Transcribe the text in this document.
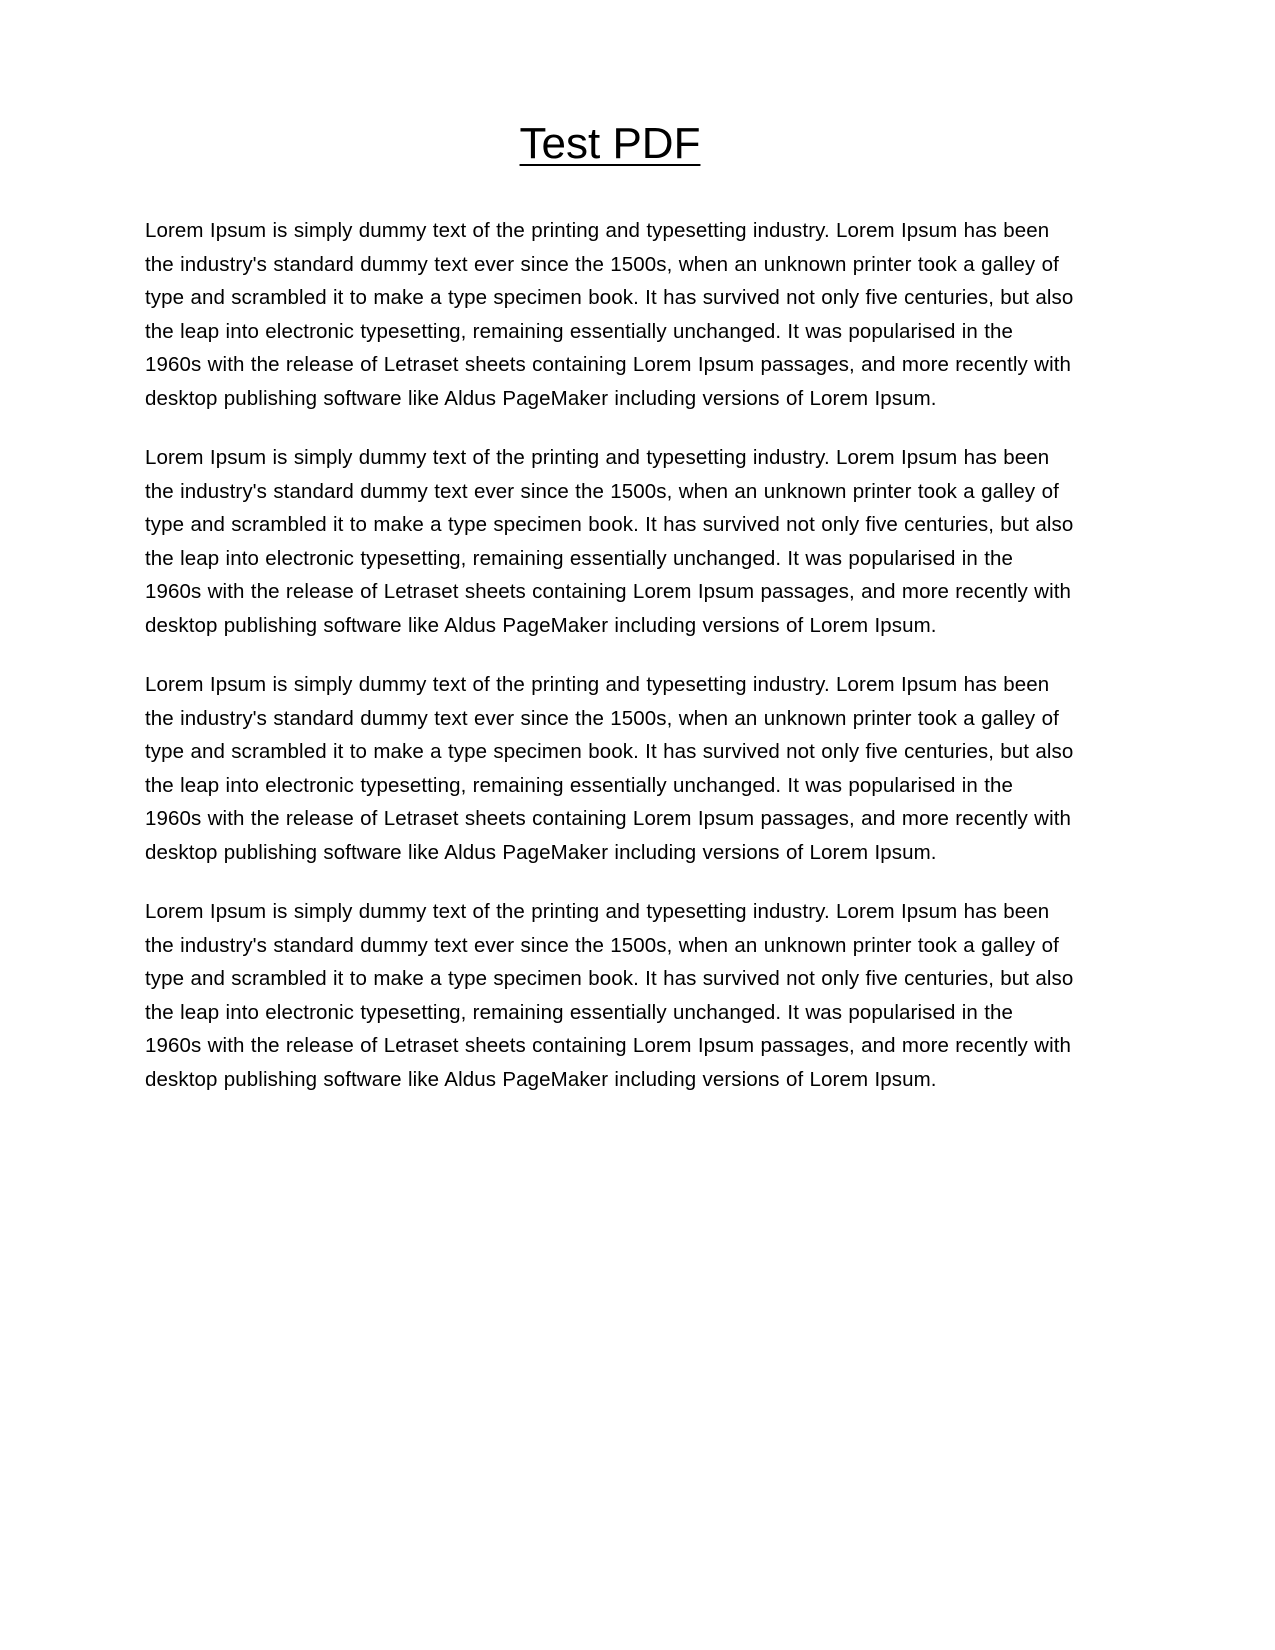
Test PDF

Lorem Ipsum is simply dummy text of the printing and typesetting industry. Lorem Ipsum has been the industry's standard dummy text ever since the 1500s, when an unknown printer took a galley of type and scrambled it to make a type specimen book. It has survived not only five centuries, but also the leap into electronic typesetting, remaining essentially unchanged. It was popularised in the 1960s with the release of Letraset sheets containing Lorem Ipsum passages, and more recently with desktop publishing software like Aldus PageMaker including versions of Lorem Ipsum.

Lorem Ipsum is simply dummy text of the printing and typesetting industry. Lorem Ipsum has been the industry's standard dummy text ever since the 1500s, when an unknown printer took a galley of type and scrambled it to make a type specimen book. It has survived not only five centuries, but also the leap into electronic typesetting, remaining essentially unchanged. It was popularised in the 1960s with the release of Letraset sheets containing Lorem Ipsum passages, and more recently with desktop publishing software like Aldus PageMaker including versions of Lorem Ipsum.

Lorem Ipsum is simply dummy text of the printing and typesetting industry. Lorem Ipsum has been the industry's standard dummy text ever since the 1500s, when an unknown printer took a galley of type and scrambled it to make a type specimen book. It has survived not only five centuries, but also the leap into electronic typesetting, remaining essentially unchanged. It was popularised in the 1960s with the release of Letraset sheets containing Lorem Ipsum passages, and more recently with desktop publishing software like Aldus PageMaker including versions of Lorem Ipsum.

Lorem Ipsum is simply dummy text of the printing and typesetting industry. Lorem Ipsum has been the industry's standard dummy text ever since the 1500s, when an unknown printer took a galley of type and scrambled it to make a type specimen book. It has survived not only five centuries, but also the leap into electronic typesetting, remaining essentially unchanged. It was popularised in the 1960s with the release of Letraset sheets containing Lorem Ipsum passages, and more recently with desktop publishing software like Aldus PageMaker including versions of Lorem Ipsum.
